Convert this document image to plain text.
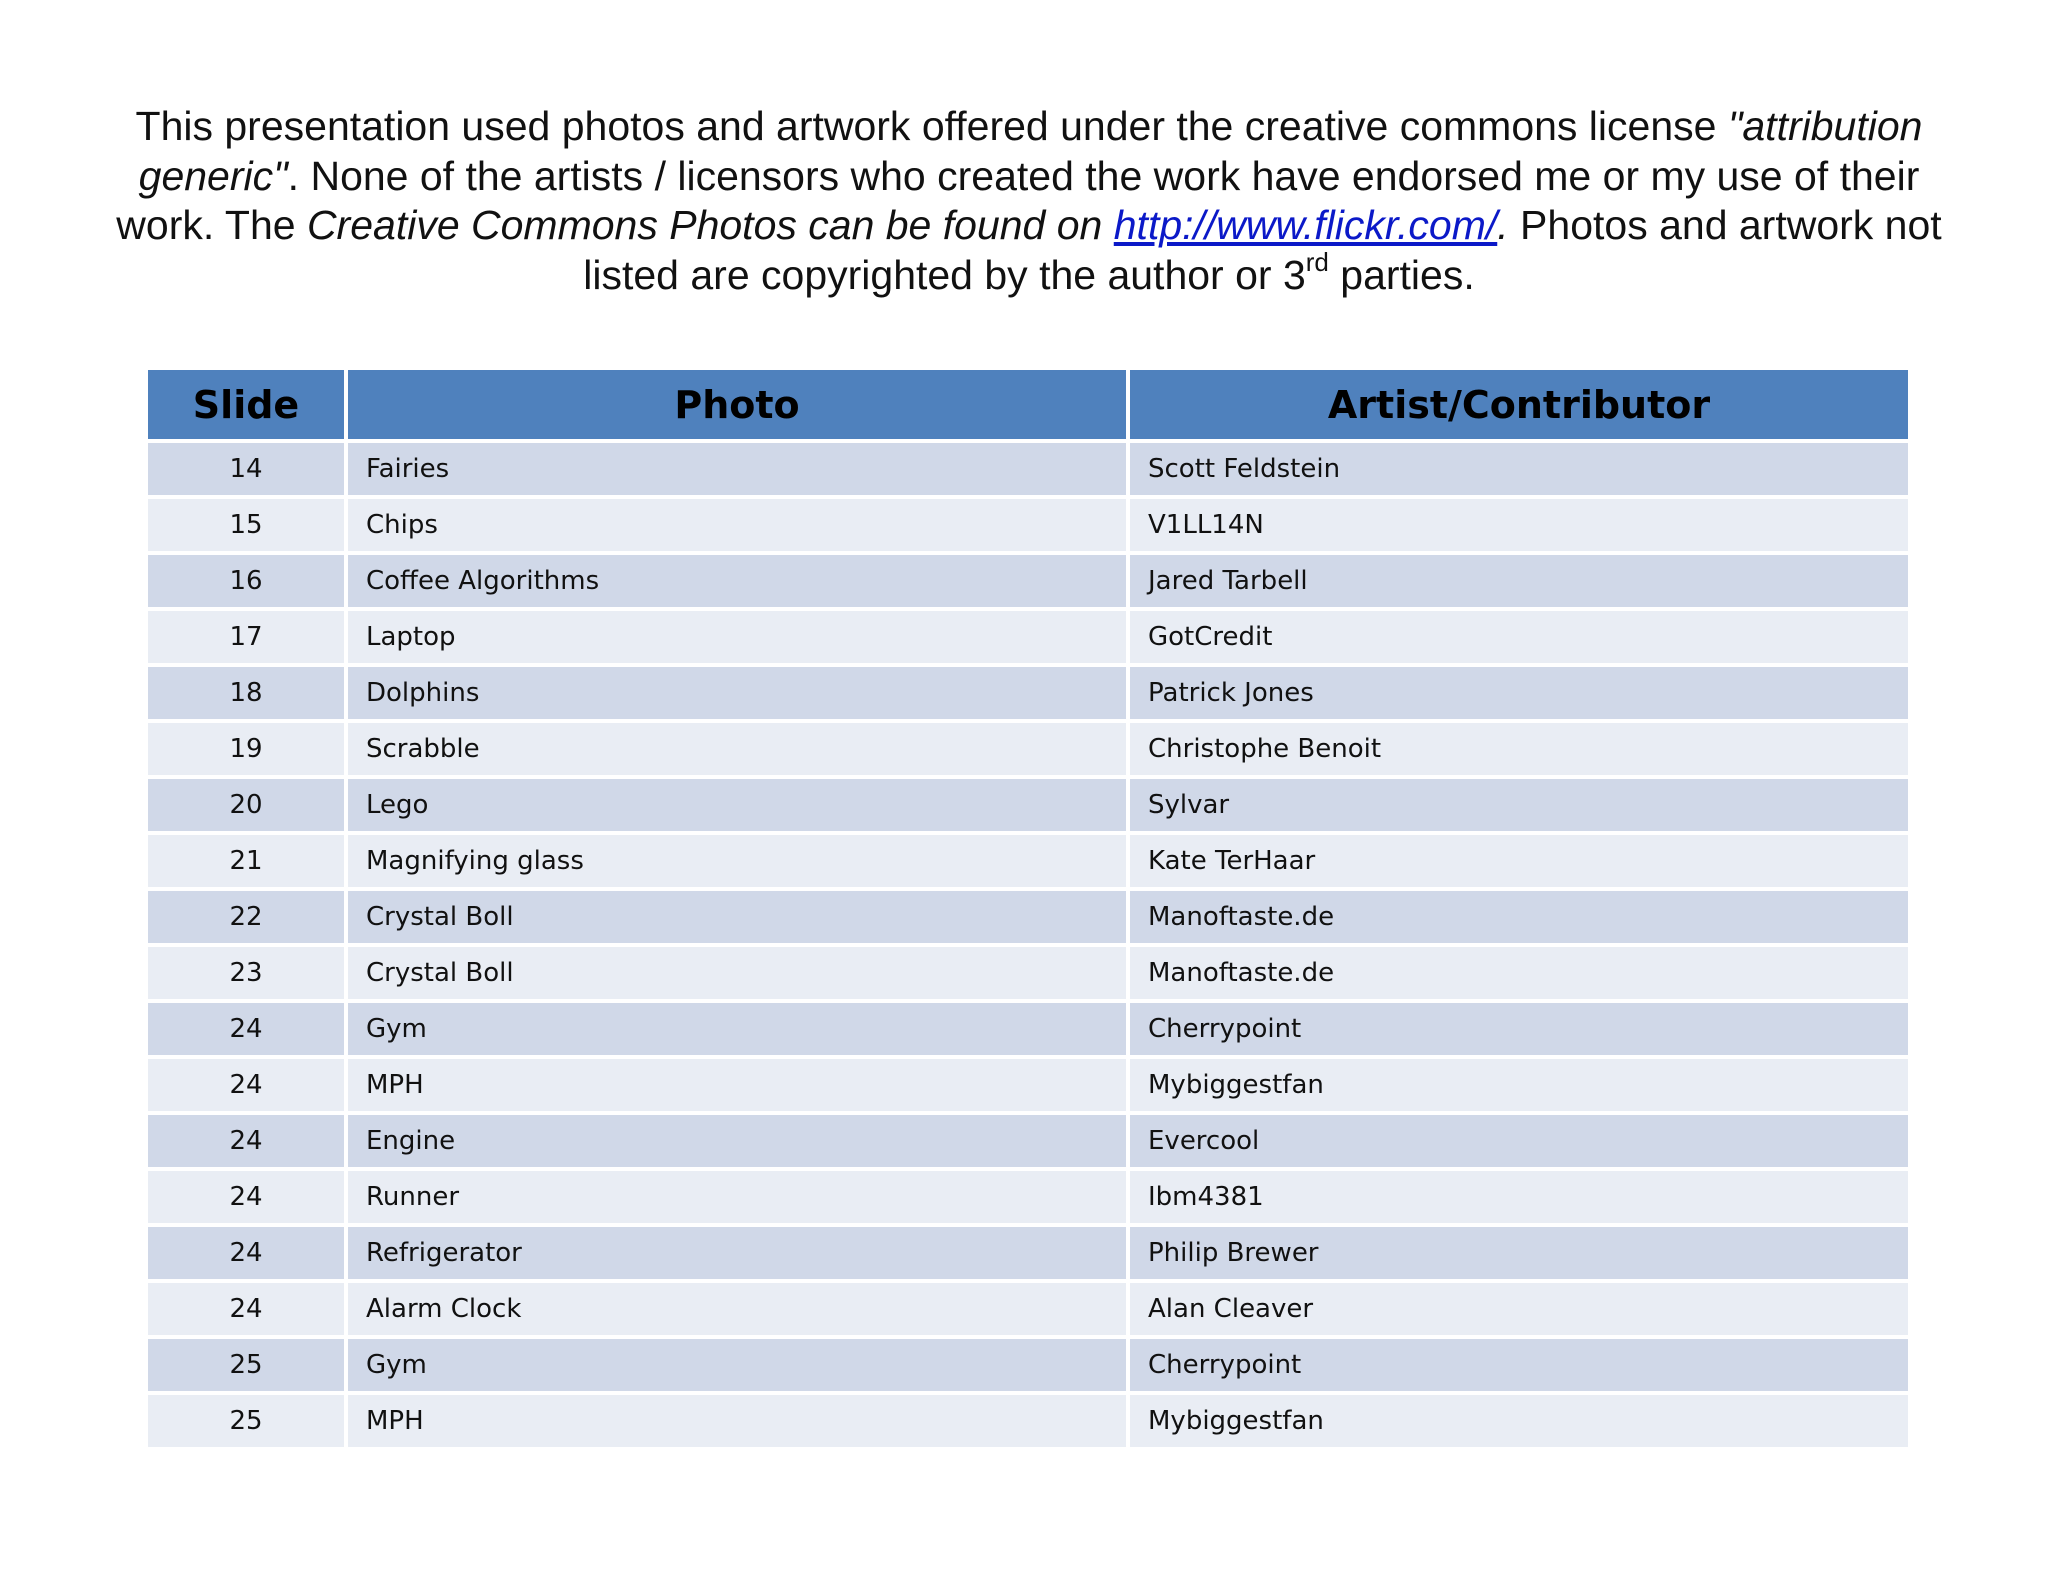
This presentation used photos and artwork offered under the creative commons license "attribution generic". None of the artists / licensors who created the work have endorsed me or my use of their work. The Creative Commons Photos can be found on http://www.flickr.com/. Photos and artwork not listed are copyrighted by the author or 3rd parties.
Slide	Photo	Artist/Contributor
14	Fairies	Scott Feldstein
15	Chips	V1LL14N
16	Coffee Algorithms	Jared Tarbell
17	Laptop	GotCredit
18	Dolphins	Patrick Jones
19	Scrabble	Christophe Benoit
20	Lego	Sylvar
21	Magnifying glass	Kate TerHaar
22	Crystal Boll	Manoftaste.de
23	Crystal Boll	Manoftaste.de
24	Gym	Cherrypoint
24	MPH	Mybiggestfan
24	Engine	Evercool
24	Runner	Ibm4381
24	Refrigerator	Philip Brewer
24	Alarm Clock	Alan Cleaver
25	Gym	Cherrypoint
25	MPH	Mybiggestfan
